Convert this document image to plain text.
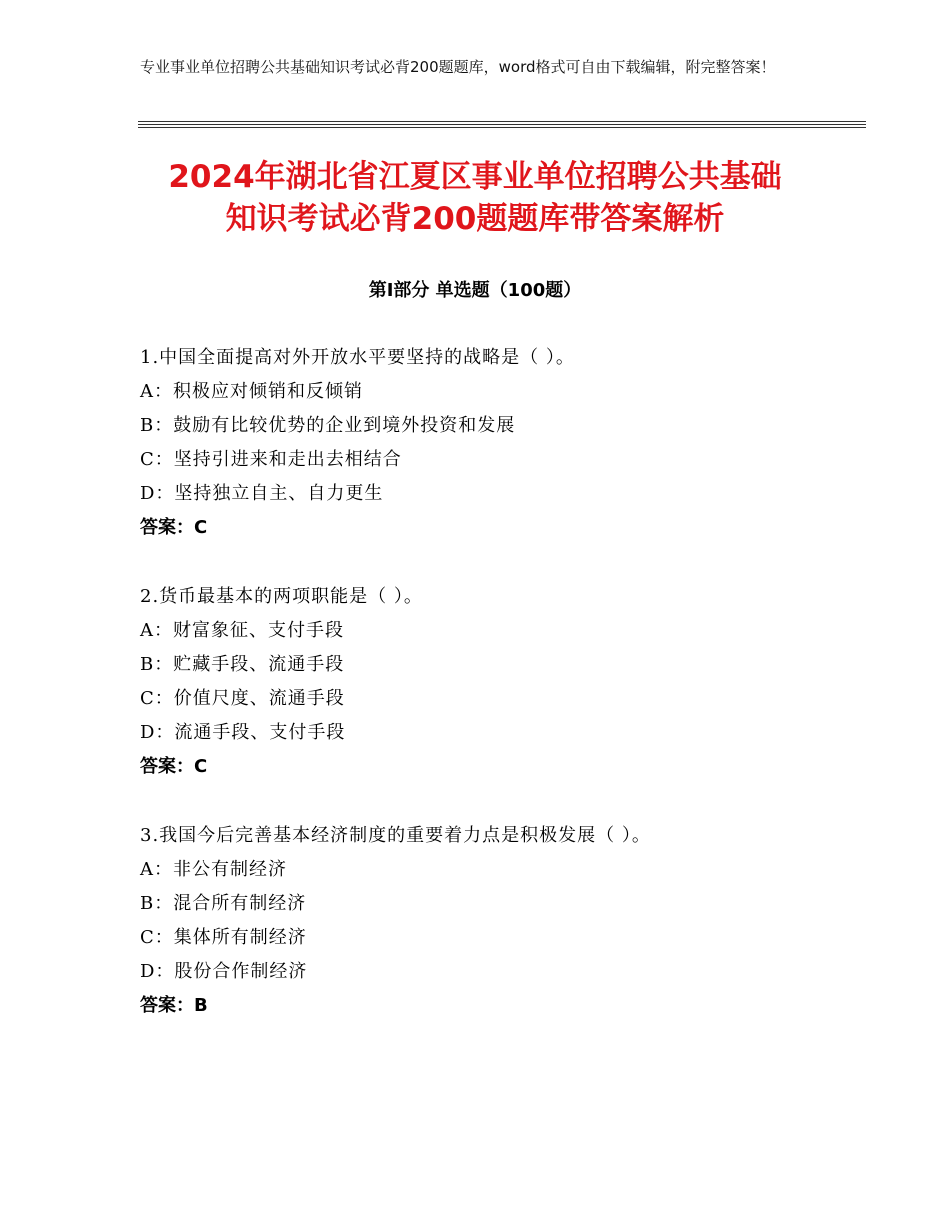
专业事业单位招聘公共基础知识考试必背200题题库，word格式可自由下载编辑，附完整答案！
2024年湖北省江夏区事业单位招聘公共基础
知识考试必背200题题库带答案解析
第Ⅰ部分 单选题（100题）
1.中国全面提高对外开放水平要坚持的战略是（ ）。
A：积极应对倾销和反倾销
B：鼓励有比较优势的企业到境外投资和发展
C：坚持引进来和走出去相结合
D：坚持独立自主、自力更生
答案：C
2.货币最基本的两项职能是（ ）。
A：财富象征、支付手段
B：贮藏手段、流通手段
C：价值尺度、流通手段
D：流通手段、支付手段
答案：C
3.我国今后完善基本经济制度的重要着力点是积极发展（ ）。
A：非公有制经济
B：混合所有制经济
C：集体所有制经济
D：股份合作制经济
答案：B
